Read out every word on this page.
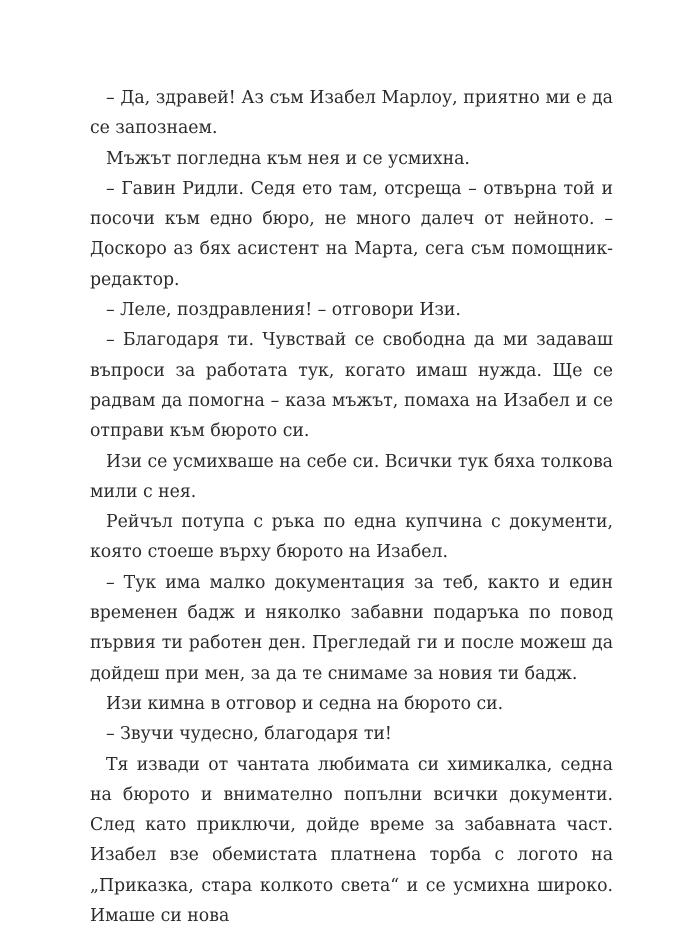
– Да, здравей! Аз съм Изабел Марлоу, приятно ми е да се запознаем.

Мъжът погледна към нея и се усмихна.

– Гавин Ридли. Седя ето там, отсреща – отвърна той и посочи към едно бюро, не много далеч от нейното. – Доскоро аз бях асистент на Марта, сега съм помощник-редактор.

– Леле, поздравления! – отговори Изи.

– Благодаря ти. Чувствай се свободна да ми задаваш въпроси за работата тук, когато имаш нужда. Ще се радвам да помогна – каза мъжът, помаха на Изабел и се отправи към бюрото си.

Изи се усмихваше на себе си. Всички тук бяха толкова мили с нея.

Рейчъл потупа с ръка по една купчина с документи, която стоеше върху бюрото на Изабел.

– Тук има малко документация за теб, както и един временен бадж и няколко забавни подаръка по повод първия ти работен ден. Прегледай ги и после можеш да дойдеш при мен, за да те снимаме за новия ти бадж.

Изи кимна в отговор и седна на бюрото си.

– Звучи чудесно, благодаря ти!

Тя извади от чантата любимата си химикалка, седна на бюрото и внимателно попълни всички документи. След като приключи, дойде време за забавната част. Изабел взе обемистата платнена торба с логото на „Приказка, стара колкото света“ и се усмихна широко. Имаше си нова
